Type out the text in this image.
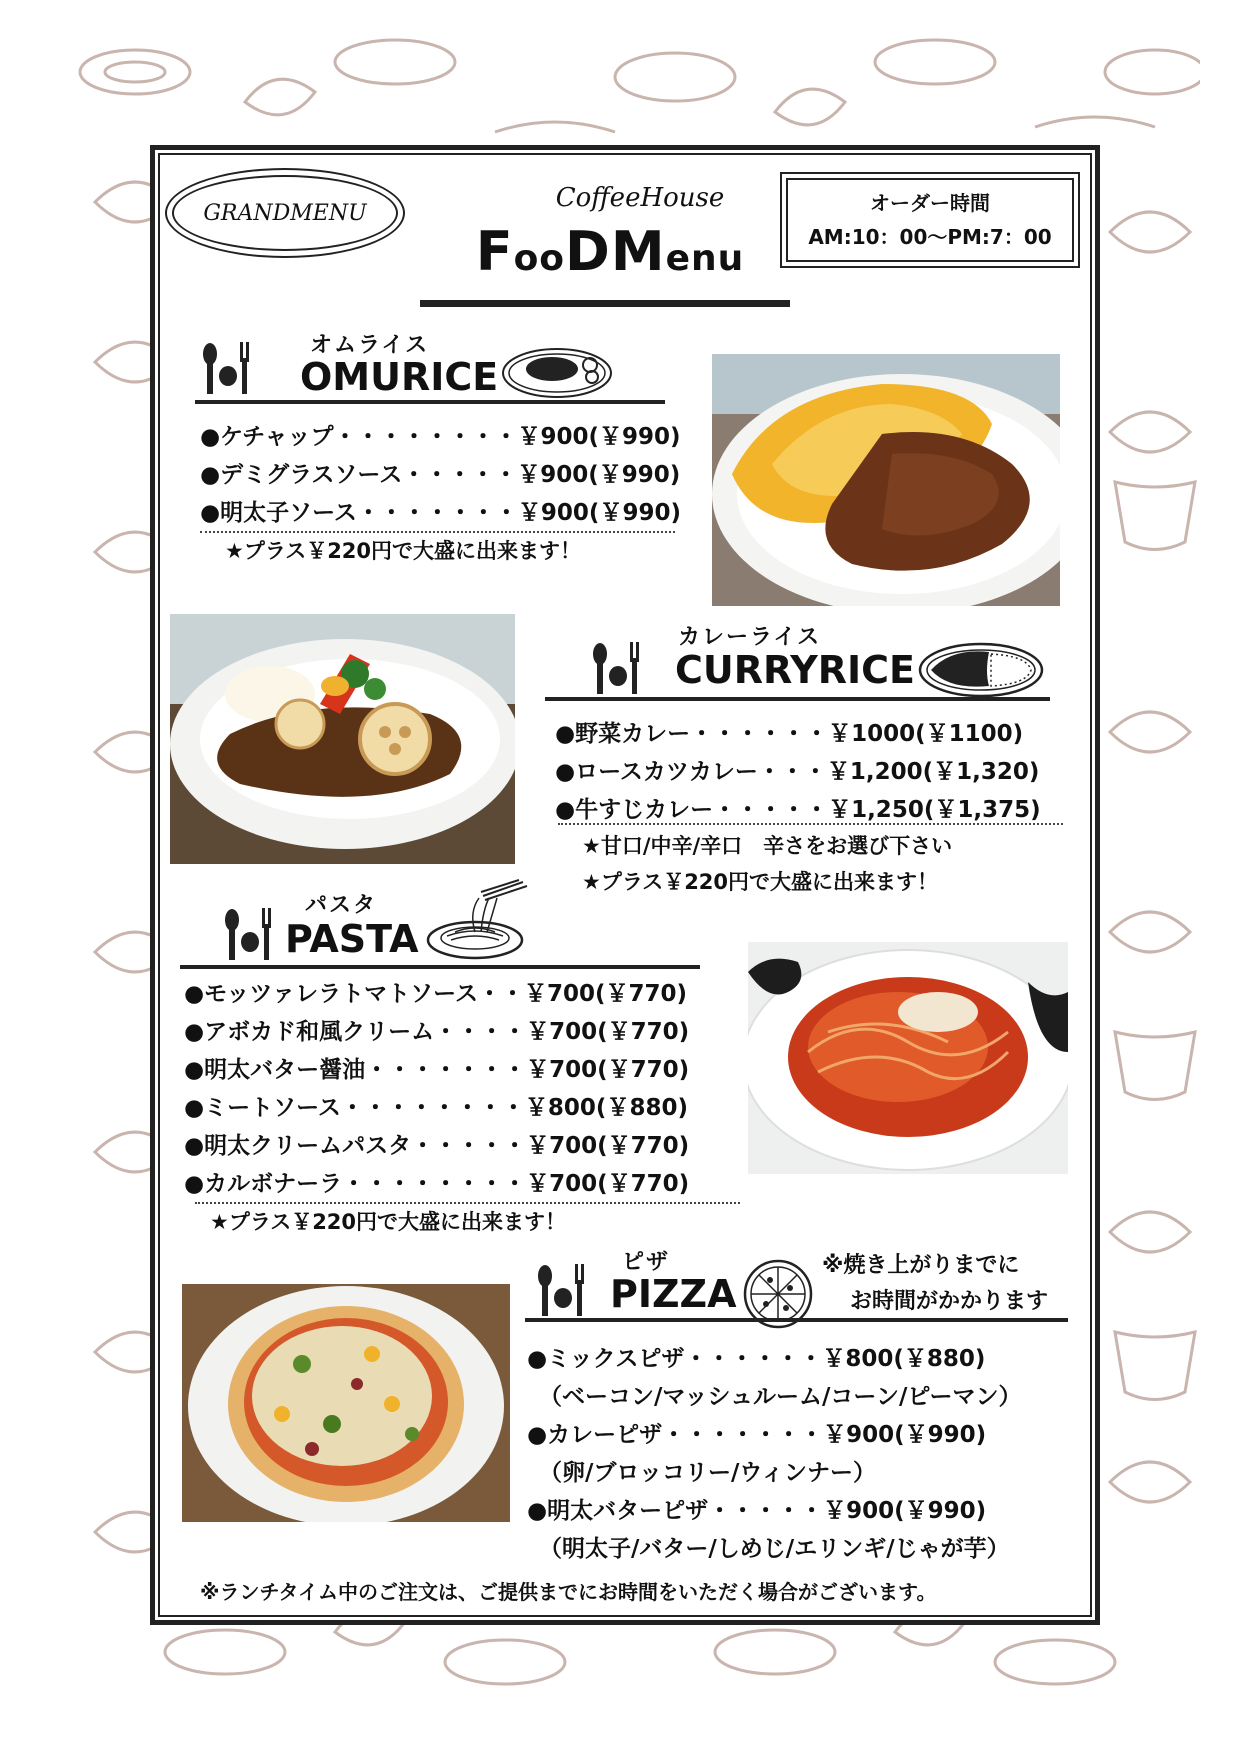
GRANDMENU	CoffeeHouse
FooDMenu
オーダー時間
AM:10：00～PM:7：00
オムライス
OMURICE
●ケチャップ・・・・・・・・￥900(￥990)
●デミグラスソース・・・・・￥900(￥990)
●明太子ソース・・・・・・・￥900(￥990)
★プラス￥220円で大盛に出来ます！
カレーライス
CURRYRICE
●野菜カレー・・・・・・￥1000(￥1100)
●ロースカツカレー・・・￥1,200(￥1,320)
●牛すじカレー・・・・・￥1,250(￥1,375)
★甘口/中辛/辛口　辛さをお選び下さい
★プラス￥220円で大盛に出来ます！
パスタ
PASTA
●モッツァレラトマトソース・・￥700(￥770)
●アボカド和風クリーム・・・・￥700(￥770)
●明太バター醤油・・・・・・・￥700(￥770)
●ミートソース・・・・・・・・￥800(￥880)
●明太クリームパスタ・・・・・￥700(￥770)
●カルボナーラ・・・・・・・・￥700(￥770)
★プラス￥220円で大盛に出来ます！
ピザ
PIZZA
※焼き上がりまでに
お時間がかかります
●ミックスピザ・・・・・・￥800(￥880)
（ベーコン/マッシュルーム/コーン/ピーマン）
●カレーピザ・・・・・・・￥900(￥990)
（卵/ブロッコリー/ウィンナー）
●明太バターピザ・・・・・￥900(￥990)
（明太子/バター/しめじ/エリンギ/じゃが芋）
※ランチタイム中のご注文は、ご提供までにお時間をいただく場合がございます。
